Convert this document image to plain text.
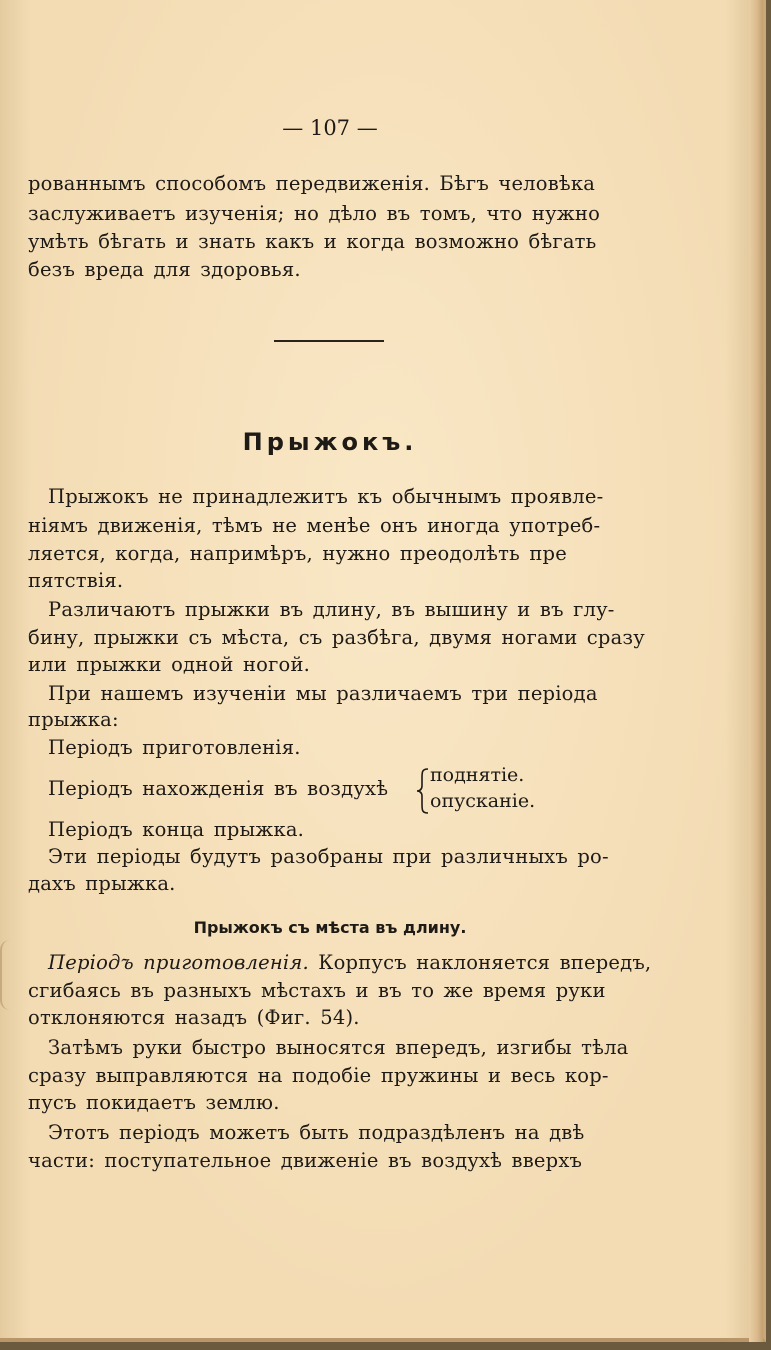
— 107 —
рованнымъ способомъ передвиженія. Бѣгъ человѣка
заслуживаетъ изученія; но дѣло въ томъ, что нужно
умѣть бѣгать и знать какъ и когда возможно бѣгать
безъ вреда для здоровья.
Прыжокъ.
Прыжокъ не принадлежитъ къ обычнымъ проявле-
ніямъ движенія, тѣмъ не менѣе онъ иногда употреб-
ляется, когда, напримѣръ, нужно преодолѣть пре
пятствія.
Различаютъ прыжки въ длину, въ вышину и въ глу-
бину, прыжки съ мѣста, съ разбѣга, двумя ногами сразу
или прыжки одной ногой.
При нашемъ изученіи мы различаемъ три періода
прыжка:
Періодъ приготовленія.
Періодъ нахожденія въ воздухѣ
поднятіе.
опусканіе.
Періодъ конца прыжка.
Эти періоды будутъ разобраны при различныхъ ро-
дахъ прыжка.
Прыжокъ съ мѣста въ длину.
Періодъ приготовленія. Корпусъ наклоняется впередъ,
сгибаясь въ разныхъ мѣстахъ и въ то же время руки
отклоняются назадъ (Фиг. 54).
Затѣмъ руки быстро выносятся впередъ, изгибы тѣла
сразу выправляются на подобіе пружины и весь кор-
пусъ покидаетъ землю.
Этотъ періодъ можетъ быть подраздѣленъ на двѣ
части: поступательное движеніе въ воздухѣ вверхъ
